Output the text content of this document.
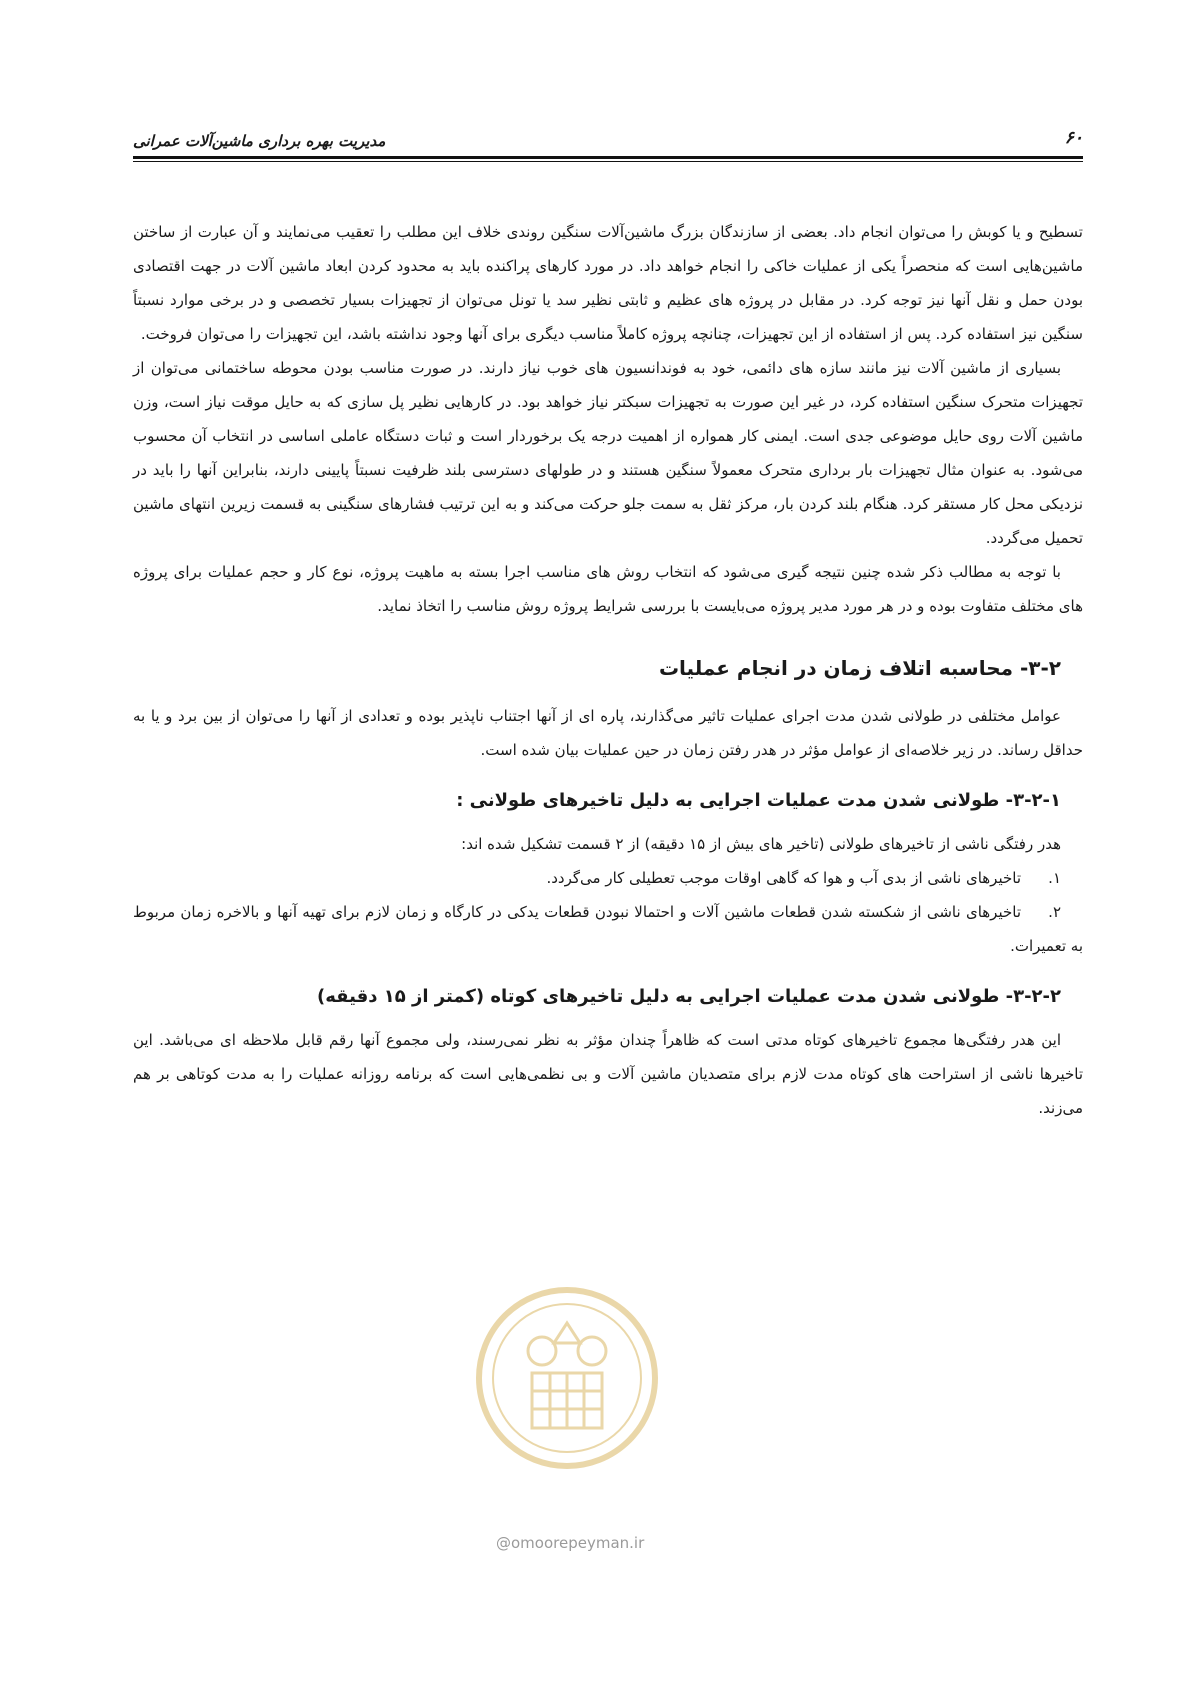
۶۰
مدیریت بهره برداری ماشین‌آلات عمرانی

تسطیح و یا کوبش را می‌توان انجام داد. بعضی از سازندگان بزرگ ماشین‌آلات سنگین روندی خلاف این مطلب را تعقیب می‌نمایند و آن عبارت از ساختن ماشین‌هایی است که منحصراً یکی از عملیات خاکی را انجام خواهد داد. در مورد کارهای پراکنده باید به محدود کردن ابعاد ماشین آلات در جهت اقتصادی بودن حمل و نقل آنها نیز توجه کرد. در مقابل در پروژه های عظیم و ثابتی نظیر سد یا تونل می‌توان از تجهیزات بسیار تخصصی و در برخی موارد نسبتاً سنگین نیز استفاده کرد. پس از استفاده از این تجهیزات، چنانچه پروژه کاملاً مناسب دیگری برای آنها وجود نداشته باشد، این تجهیزات را می‌توان فروخت.

بسیاری از ماشین آلات نیز مانند سازه های دائمی، خود به فوندانسیون های خوب نیاز دارند. در صورت مناسب بودن محوطه ساختمانی می‌توان از تجهیزات متحرک سنگین استفاده کرد، در غیر این صورت به تجهیزات سبکتر نیاز خواهد بود. در کارهایی نظیر پل سازی که به حایل موقت نیاز است، وزن ماشین آلات روی حایل موضوعی جدی است. ایمنی کار همواره از اهمیت درجه یک برخوردار است و ثبات دستگاه عاملی اساسی در انتخاب آن محسوب می‌شود. به عنوان مثال تجهیزات بار برداری متحرک معمولاً سنگین هستند و در طولهای دسترسی بلند ظرفیت نسبتاً پایینی دارند، بنابراین آنها را باید در نزدیکی محل کار مستقر کرد. هنگام بلند کردن بار، مرکز ثقل به سمت جلو حرکت می‌کند و به این ترتیب فشارهای سنگینی به قسمت زیرین انتهای ماشین تحمیل می‌گردد.

با توجه به مطالب ذکر شده چنین نتیجه گیری می‌شود که انتخاب روش های مناسب اجرا بسته به ماهیت پروژه، نوع کار و حجم عملیات برای پروژه های مختلف متفاوت بوده و در هر مورد مدیر پروژه می‌بایست با بررسی شرایط پروژه روش مناسب را اتخاذ نماید.

۳-۲- محاسبه اتلاف زمان در انجام عملیات

عوامل مختلفی در طولانی شدن مدت اجرای عملیات تاثیر می‌گذارند، پاره ای از آنها اجتناب ناپذیر بوده و تعدادی از آنها را می‌توان از بین برد و یا به حداقل رساند. در زیر خلاصه‌ای از عوامل مؤثر در هدر رفتن زمان در حین عملیات بیان شده است.

۳-۲-۱- طولانی شدن مدت عملیات اجرایی به دلیل تاخیرهای طولانی :

هدر رفتگی ناشی از تاخیرهای طولانی (تاخیر های بیش از ۱۵ دقیقه) از ۲ قسمت تشکیل شده اند:

۱.تاخیرهای ناشی از بدی آب و هوا که گاهی اوقات موجب تعطیلی کار می‌گردد.
۲.تاخیرهای ناشی از شکسته شدن قطعات ماشین آلات و احتمالا نبودن قطعات یدکی در کارگاه و زمان لازم برای تهیه آنها و بالاخره زمان مربوط به تعمیرات.
۳-۲-۲- طولانی شدن مدت عملیات اجرایی به دلیل تاخیرهای کوتاه (کمتر از ۱۵ دقیقه)

این هدر رفتگی‌ها مجموع تاخیرهای کوتاه مدتی است که ظاهراً چندان مؤثر به نظر نمی‌رسند، ولی مجموع آنها رقم قابل ملاحظه ای می‌باشد. این تاخیرها ناشی از استراحت های کوتاه مدت لازم برای متصدیان ماشین آلات و بی نظمی‌هایی است که برنامه روزانه عملیات را به مدت کوتاهی بر هم می‌زند.

@omoorepeyman.ir
